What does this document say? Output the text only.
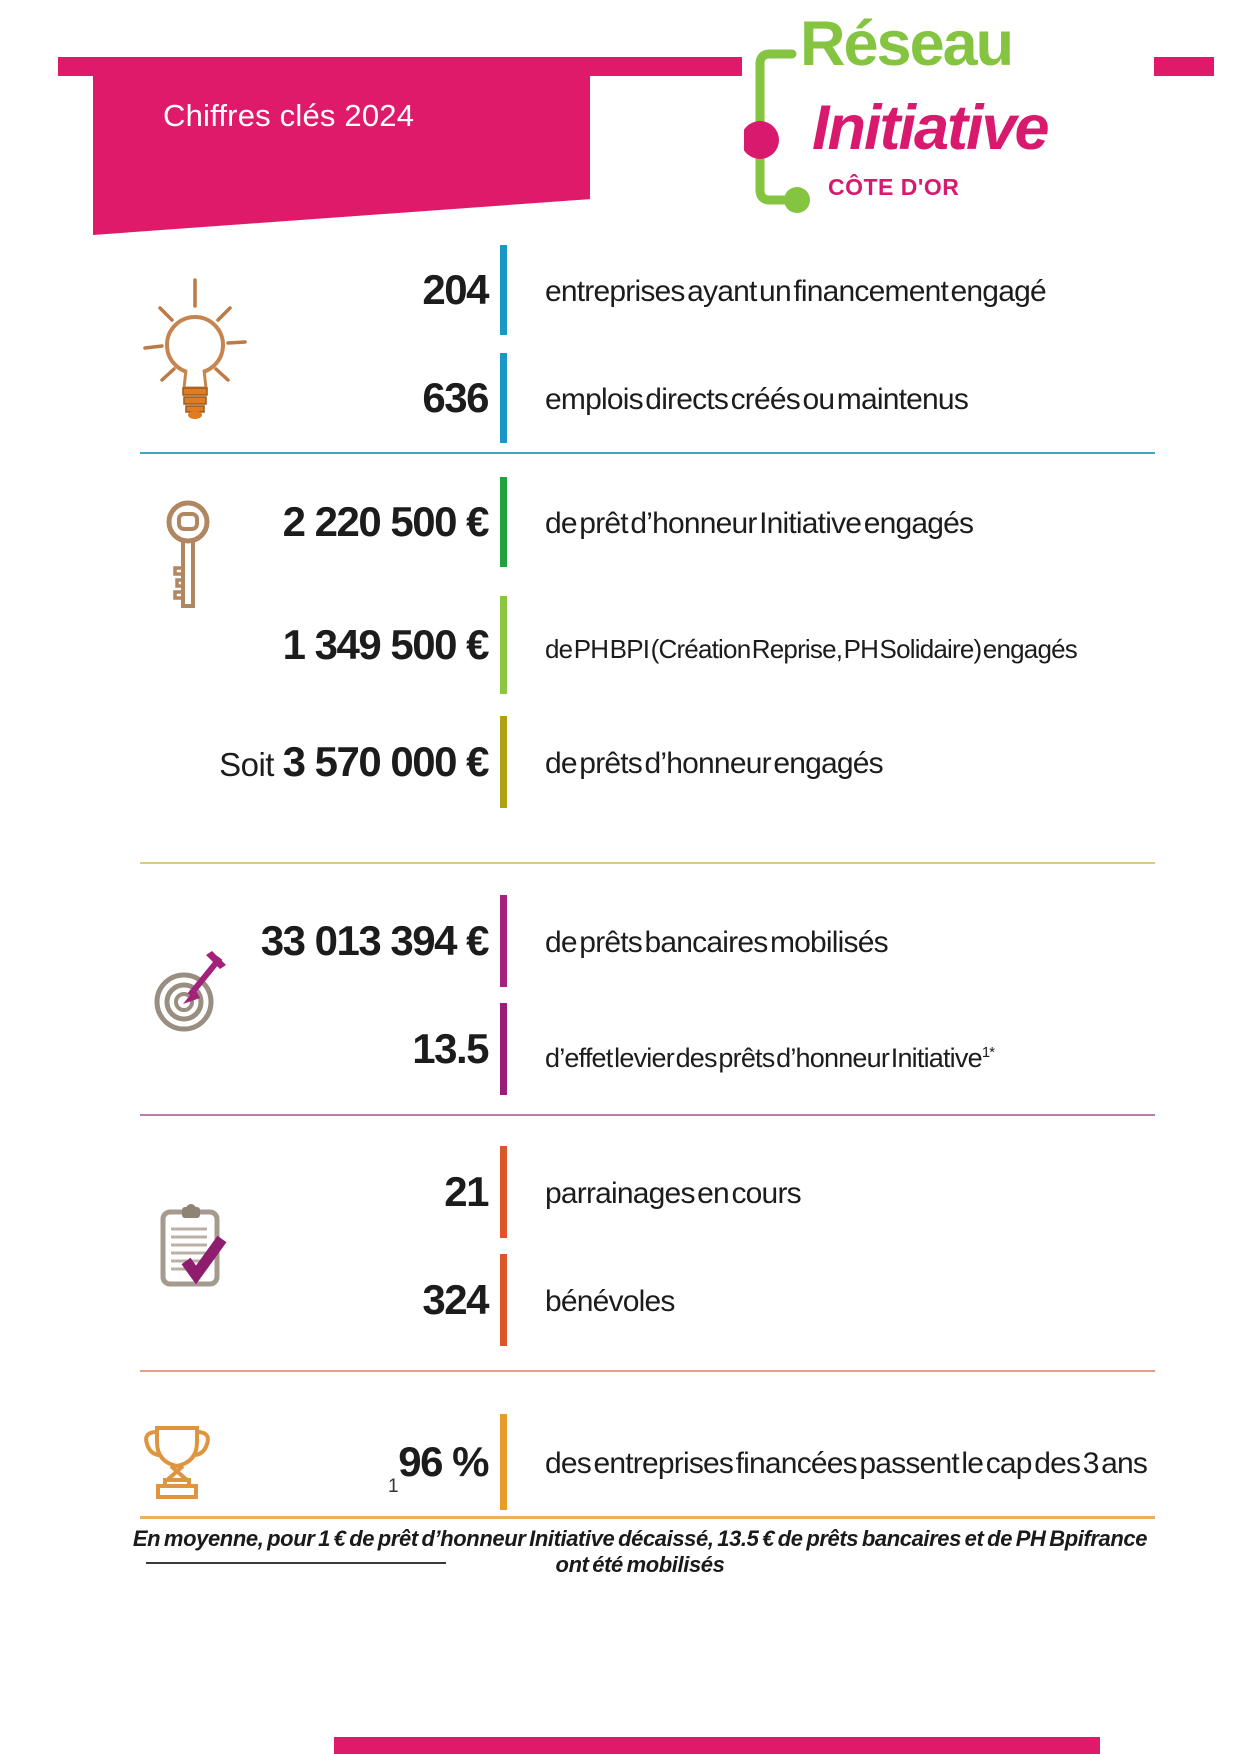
Chiffres clés 2024
Réseau
Initiative
CÔTE D'OR
204 entreprises ayant un financement engagé
636 emplois directs créés ou maintenus
2 220 500 € de prêt d’honneur Initiative engagés
1 349 500 € de PH BPI (Création Reprise, PH Solidaire) engagés
Soit 3 570 000 € de prêts d’honneur engagés
33 013 394 € de prêts bancaires mobilisés
13.5 d’effet levier des prêts d’honneur Initiative$^{1*}$
21 parrainages en cours
324 bénévoles
96 % des entreprises financées passent le cap des 3 ans
1
En moyenne, pour 1 € de prêt d’honneur Initiative décaissé, 13.5 € de prêts bancaires et de PH Bpifrance ont été mobilisés
